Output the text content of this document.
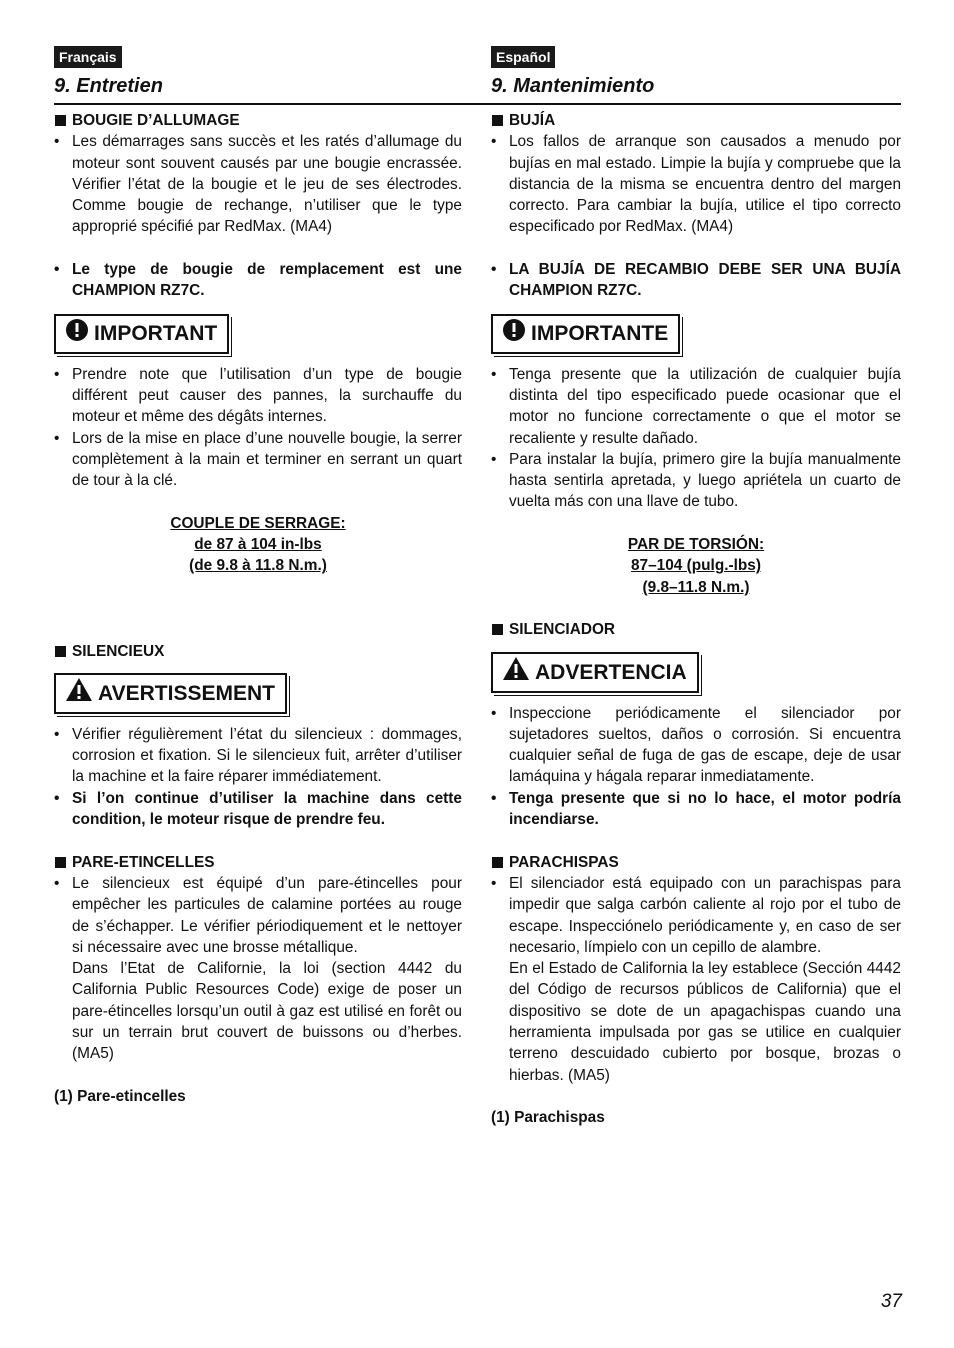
Français
9. Entretien
BOUGIE D’ALLUMAGE
• Les démarrages sans succès et les ratés d’allumage du moteur sont souvent causés par une bougie encrassée. Vérifier l’état de la bougie et le jeu de ses électrodes. Comme bougie de rechange, n’utiliser que le type approprié spécifié par RedMax. (MA4)
• Le type de bougie de remplacement est une CHAMPION RZ7C.
IMPORTANT
• Prendre note que l’utilisation d’un type de bougie différent peut causer des pannes, la surchauffe du moteur et même des dégâts internes.
• Lors de la mise en place d’une nouvelle bougie, la serrer complètement à la main et terminer en serrant un quart de tour à la clé.
COUPLE DE SERRAGE:
de 87 à 104 in-lbs
(de 9.8 à 11.8 N.m.)
SILENCIEUX
AVERTISSEMENT
• Vérifier régulièrement l’état du silencieux : dommages, corrosion et fixation. Si le silencieux fuit, arrêter d’utiliser la machine et la faire réparer immédiatement.
• Si l’on continue d’utiliser la machine dans cette condition, le moteur risque de prendre feu.
PARE-ETINCELLES
• Le silencieux est équipé d’un pare-étincelles pour empêcher les particules de calamine portées au rouge de s’échapper. Le vérifier périodiquement et le nettoyer si nécessaire avec une brosse métallique.
Dans l’Etat de Californie, la loi (section 4442 du California Public Resources Code) exige de poser un pare-étincelles lorsqu’un outil à gaz est utilisé en forêt ou sur un terrain brut couvert de buissons ou d’herbes. (MA5)
(1) Pare-etincelles
Español
9. Mantenimiento
BUJÍA
• Los fallos de arranque son causados a menudo por bujías en mal estado. Limpie la bujía y compruebe que la distancia de la misma se encuentra dentro del margen correcto. Para cambiar la bujía, utilice el tipo correcto especificado por RedMax. (MA4)
• LA BUJÍA DE RECAMBIO DEBE SER UNA BUJÍA CHAMPION RZ7C.
IMPORTANTE
• Tenga presente que la utilización de cualquier bujía distinta del tipo especificado puede ocasionar que el motor no funcione correctamente o que el motor se recaliente y resulte dañado.
• Para instalar la bujía, primero gire la bujía manualmente hasta sentirla apretada, y luego apriétela un cuarto de vuelta más con una llave de tubo.
PAR DE TORSIÓN:
87–104 (pulg.-lbs)
(9.8–11.8 N.m.)
SILENCIADOR
ADVERTENCIA
• Inspeccione periódicamente el silenciador por sujetadores sueltos, daños o corrosión. Si encuentra cualquier señal de fuga de gas de escape, deje de usar lamáquina y hágala reparar inmediatamente.
• Tenga presente que si no lo hace, el motor podría incendiarse.
PARACHISPAS
• El silenciador está equipado con un parachispas para impedir que salga carbón caliente al rojo por el tubo de escape. Inspecciónelo periódicamente y, en caso de ser necesario, límpielo con un cepillo de alambre.
En el Estado de California la ley establece (Sección 4442 del Código de recursos públicos de California) que el dispositivo se dote de un apagachispas cuando una herramienta impulsada por gas se utilice en cualquier terreno descuidado cubierto por bosque, brozas o hierbas. (MA5)
(1) Parachispas
37
